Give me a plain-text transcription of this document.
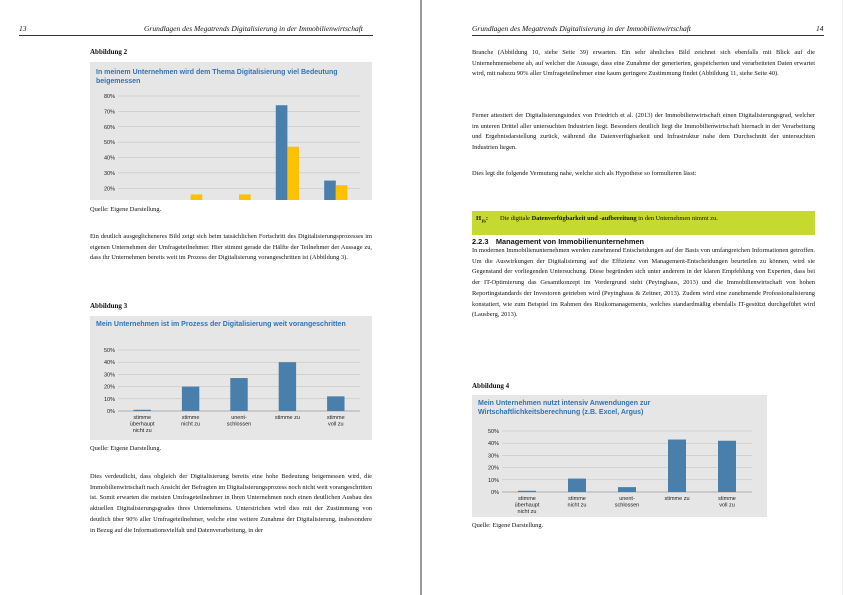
13	Grundlagen des Megatrends Digitalisierung in der Immobilienwirtschaft
Abbildung 2

In meinem Unternehmen wird dem Thema Digitalisierung viel Bedeutung beigemessen

20%
30%
40%
50%
60%
70%
80%
Quelle: Eigene Darstellung.

Ein deutlich ausgeglicheneres Bild zeigt sich beim tatsächlichen Fortschritt des Digitalisierungsprozesses im eigenen Unternehmen der Umfrageteilnehmer. Hier stimmt gerade die Hälfte der Teilnehmer der Aussage zu, dass ihr Unternehmen bereits weit im Prozess der Digitalisierung vorangeschritten ist (Abbildung 3).

Abbildung 3

Mein Unternehmen ist im Prozess der Digitalisierung weit vorangeschritten

0%
10%
20%
30%
40%
50%
stimme
überhaupt
nicht zu
stimme
nicht zu
unent-
schlossen
stimme zu	stimme
voll zu
Quelle: Eigene Darstellung.

Dies verdeutlicht, dass obgleich der Digitalisierung bereits eine hohe Bedeutung beigemessen wird, die Immobilienwirtschaft nach Ansicht der Befragten im Digitalisierungsprozess noch nicht weit vorangeschritten ist. Somit erwarten die meisten Umfrageteilnehmer in Ihren Unternehmen noch einen deutlichen Ausbau des aktuellen Digitalisierungsgrades ihres Unternehmens. Unterstrichen wird dies mit der Zustimmung von deutlich über 90% aller Umfrageteilnehmer, welche eine weitere Zunahme der Digitalisierung, insbesondere in Bezug auf die Informationsvielfalt und Datenverarbeitung, in der

Grundlagen des Megatrends Digitalisierung in der Immobilienwirtschaft	14

Branche (Abbildung 10, siehe Seite 39) erwarten. Ein sehr ähnliches Bild zeichnet sich ebenfalls mit Blick auf die Unternehmensebene ab, auf welcher die Aussage, dass eine Zunahme der generierten, gespeicherten und verarbeiteten Daten erwartet wird, mit nahezu 90% aller Umfrageteilnehmer eine kaum geringere Zustimmung findet (Abbildung 11, siehe Seite 40).

Ferner attestiert der Digitalisierungsindex von Friedrich et al. (2013) der Immobilienwirtschaft einen Digitalisierungsgrad, welcher im unteren Drittel aller untersuchten Industrien liegt. Besonders deutlich liegt die Immobilienwirtschaft hiernach in der Verarbeitung und Ergebnisdarstellung zurück, während die Datenverfügbarkeit und Infrastruktur nahe dem Durchschnitt der untersuchten Industrien liegen.

Dies legt die folgende Vermutung nahe, welche sich als Hypothese so formulieren lässt:

$H_{1b}$: Die digitale Datenverfügbarkeit und -aufbereitung in den Unternehmen nimmt zu.

2.2.3 Management von Immobilienunternehmen

In modernen Immobilienunternehmen werden zunehmend Entscheidungen auf der Basis von umfangreichen Informationen getroffen. Um die Auswirkungen der Digitalisierung auf die Effizienz von Management-Entscheidungen beurteilen zu können, wird sie Gegenstand der vorliegenden Untersuchung. Diese begründen sich unter anderem in der klaren Empfehlung von Experten, dass bei der IT-Optimierung das Gesamtkonzept im Vordergrund steht (Peyinghaus, 2013) und die Immobilienwirtschaft von hohen Reportingstandards der Investoren getrieben wird (Peyinghaus & Zeitner, 2013). Zudem wird eine zunehmende Professionalisierung konstatiert, wie zum Beispiel im Rahmen des Risikomanagements, welches standardmäßig ebenfalls IT-gestützt durchgeführt wird (Lausberg, 2013).

Abbildung 4

Mein Unternehmen nutzt intensiv Anwendungen zur Wirtschaftlichkeitsberechnung (z.B. Excel, Argus)

0%
10%
20%
30%
40%
50%
stimme
überhaupt
nicht zu
stimme
nicht zu
unent-
schlossen
stimme zu	stimme
voll zu
Quelle: Eigene Darstellung.
